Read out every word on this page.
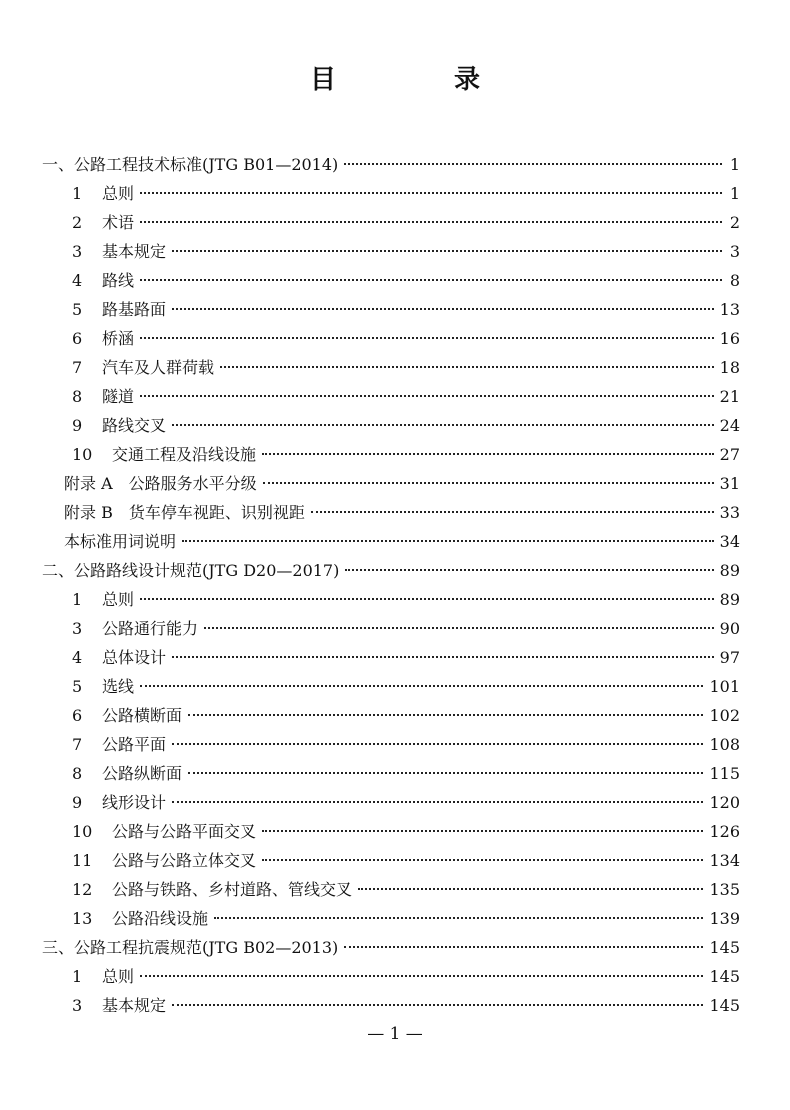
目　录
一、公路工程技术标准(JTG B01—2014)	1
1	总则	1
2	术语	2
3	基本规定	3
4	路线	8
5	路基路面	13
6	桥涵	16
7	汽车及人群荷载	18
8	隧道	21
9	路线交叉	24
10	交通工程及沿线设施	27
附录 A　公路服务水平分级	31
附录 B　货车停车视距、识别视距	33
本标准用词说明	34
二、公路路线设计规范(JTG D20—2017)	89
1	总则	89
3	公路通行能力	90
4	总体设计	97
5	选线	101
6	公路横断面	102
7	公路平面	108
8	公路纵断面	115
9	线形设计	120
10	公路与公路平面交叉	126
11	公路与公路立体交叉	134
12	公路与铁路、乡村道路、管线交叉	135
13	公路沿线设施	139
三、公路工程抗震规范(JTG B02—2013)	145
1	总则	145
3	基本规定	145
— 1 —
